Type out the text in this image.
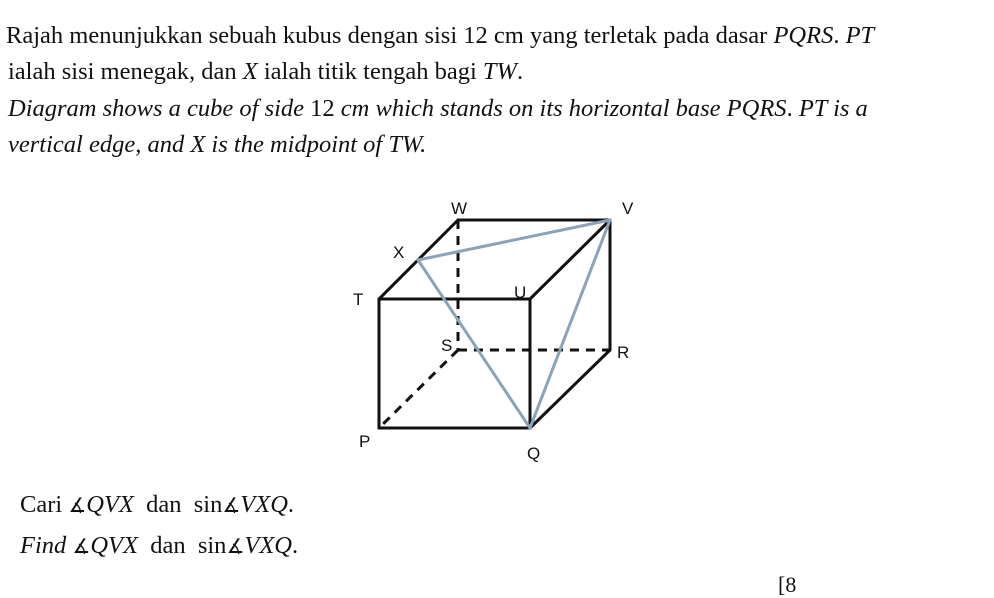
Rajah menunjukkan sebuah kubus dengan sisi 12 cm yang terletak pada dasar PQRS. PT
ialah sisi menegak, dan X ialah titik tengah bagi TW.
Diagram shows a cube of side 12 cm which stands on its horizontal base PQRS. PT is a
vertical edge, and X is the midpoint of TW.
W	V
X
T	U
S	R
P
Q
Cari ∡QVX dan sin∡VXQ.
Find ∡QVX dan sin∡VXQ.
[8
